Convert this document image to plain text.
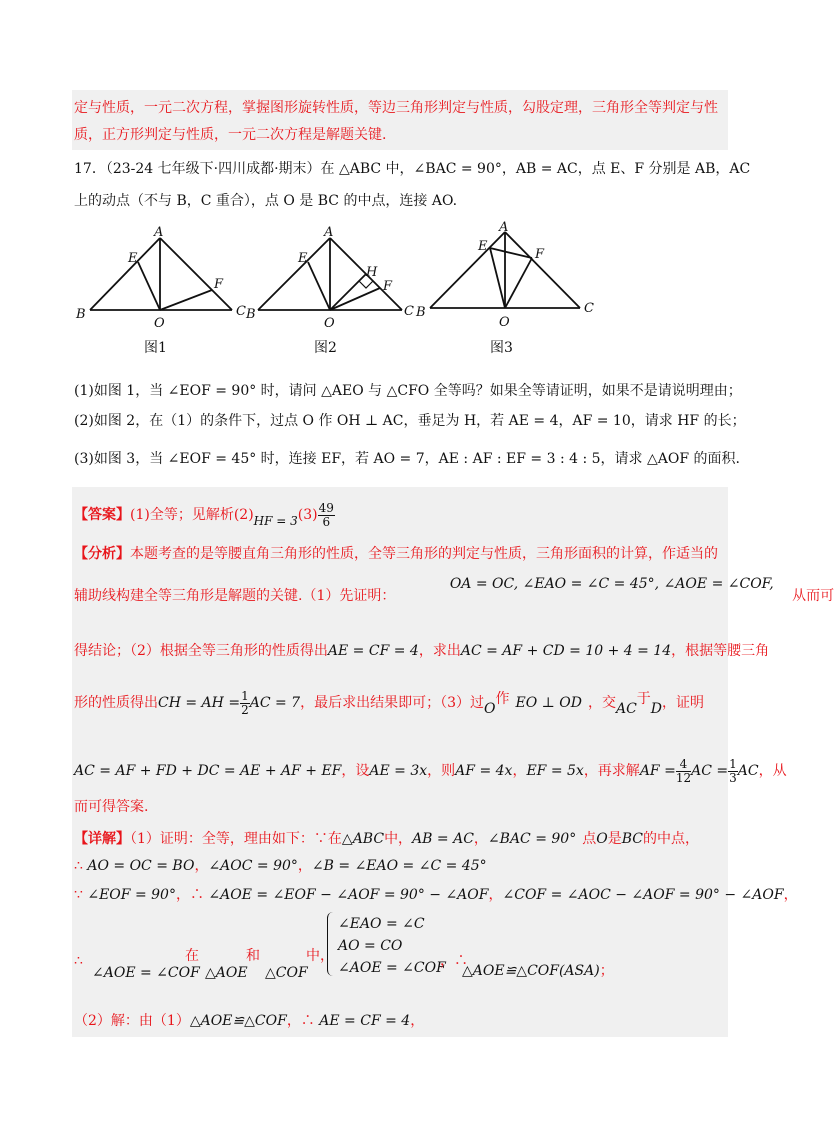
定与性质，一元二次方程，掌握图形旋转性质，等边三角形判定与性质，勾股定理，三角形全等判定与性
质，正方形判定与性质，一元二次方程是解题关键.
17．（23-24 七年级下·四川成都·期末）在 △ABC 中，∠BAC = 90°，AB = AC，点 E、F 分别是 AB，AC
上的动点（不与 B，C 重合），点 O 是 BC 的中点，连接 AO.
A
E
F
B	C
O
图1
A
E
H
F
B	C
O
图2
A
E
F
B	C
O
图3
(1)如图 1，当 ∠EOF = 90° 时，请问 △AEO 与 △CFO 全等吗？如果全等请证明，如果不是请说明理由；
(2)如图 2，在（1）的条件下，过点 O 作 OH ⊥ AC，垂足为 H，若 AE = 4，AF = 10，请求 HF 的长；
(3)如图 3，当 ∠EOF = 45° 时，连接 EF，若 AO = 7，AE : AF : EF = 3 : 4 : 5，请求 △AOF 的面积.
【答案】(1)全等；见解析$(2)HF = 3(3) \frac{49}{6}$
【分析】本题考查的是等腰直角三角形的性质，全等三角形的判定与性质，三角形面积的计算，作适当的
辅助线构建全等三角形是解题的关键.（1）先证明： OA = OC, ∠EAO = ∠C = 45°, ∠AOE = ∠COF, 从而可
得结论；（2）根据全等三角形的性质得出AE = CF = 4，求出AC = AF + CD = 10 + 4 = 14，根据等腰三角
形的性质得出CH = AH = $\frac{1}{2}$ AC = 7，最后求出结果即可；（3）过O作 EO ⊥ OD ，交AC于D，证明
AC = AF + FD + DC = AE + AF + EF，设AE = 3x，则AF = 4x，EF = 5x，再求解AF = $\frac{4}{12}$ AC = $\frac{1}{3}$ AC，从
而可得答案.
【详解】（1）证明：全等，理由如下：∵在△ABC中，AB = AC，∠BAC = 90° 点O是BC的中点，
∴ AO = OC = BO，∠AOC = 90°，∠B = ∠EAO = ∠C = 45°
∵ ∠EOF = 90°，∴ ∠AOE = ∠EOF − ∠AOF = 90° − ∠AOF，∠COF = ∠AOC − ∠AOF = 90° − ∠AOF，
∴
∠AOE = ∠COF
在
△AOE
和
△COF
中，
∠EAO = ∠C
AO = CO
∠AOE = ∠COF
，∴
△AOE≌△COF(ASA)；
（2）解：由（1）△AOE≌△COF，∴ AE = CF = 4，
